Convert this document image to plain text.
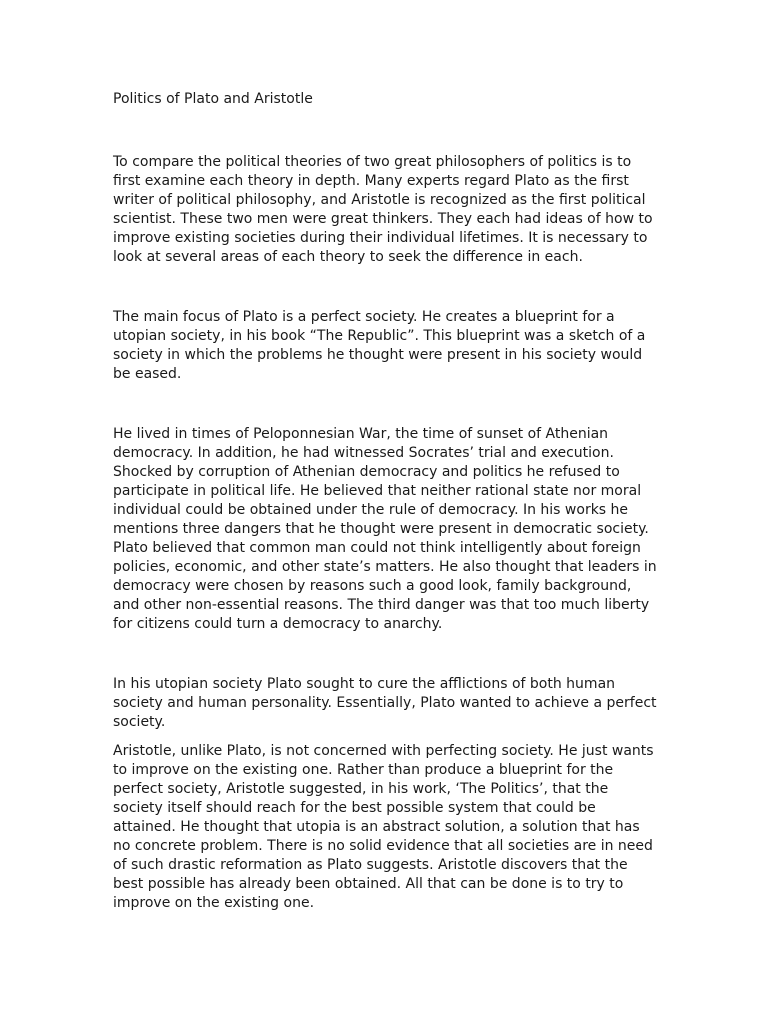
Politics of Plato and Aristotle

To compare the political theories of two great philosophers of politics is to first examine each theory in depth. Many experts regard Plato as the first writer of political philosophy, and Aristotle is recognized as the first political scientist. These two men were great thinkers. They each had ideas of how to improve existing societies during their individual lifetimes. It is necessary to look at several areas of each theory to seek the difference in each.

The main focus of Plato is a perfect society. He creates a blueprint for a utopian society, in his book “The Republic”. This blueprint was a sketch of a society in which the problems he thought were present in his society would be eased.

He lived in times of Peloponnesian War, the time of sunset of Athenian democracy. In addition, he had witnessed Socrates’ trial and execution. Shocked by corruption of Athenian democracy and politics he refused to participate in political life. He believed that neither rational state nor moral individual could be obtained under the rule of democracy. In his works he mentions three dangers that he thought were present in democratic society. Plato believed that common man could not think intelligently about foreign policies, economic, and other state’s matters. He also thought that leaders in democracy were chosen by reasons such a good look, family background, and other non-essential reasons. The third danger was that too much liberty for citizens could turn a democracy to anarchy.

In his utopian society Plato sought to cure the afflictions of both human society and human personality. Essentially, Plato wanted to achieve a perfect society.

Aristotle, unlike Plato, is not concerned with perfecting society. He just wants to improve on the existing one. Rather than produce a blueprint for the perfect society, Aristotle suggested, in his work, ‘The Politics’, that the society itself should reach for the best possible system that could be attained. He thought that utopia is an abstract solution, a solution that has no concrete problem. There is no solid evidence that all societies are in need of such drastic reformation as Plato suggests. Aristotle discovers that the best possible has already been obtained. All that can be done is to try to improve on the existing one.
